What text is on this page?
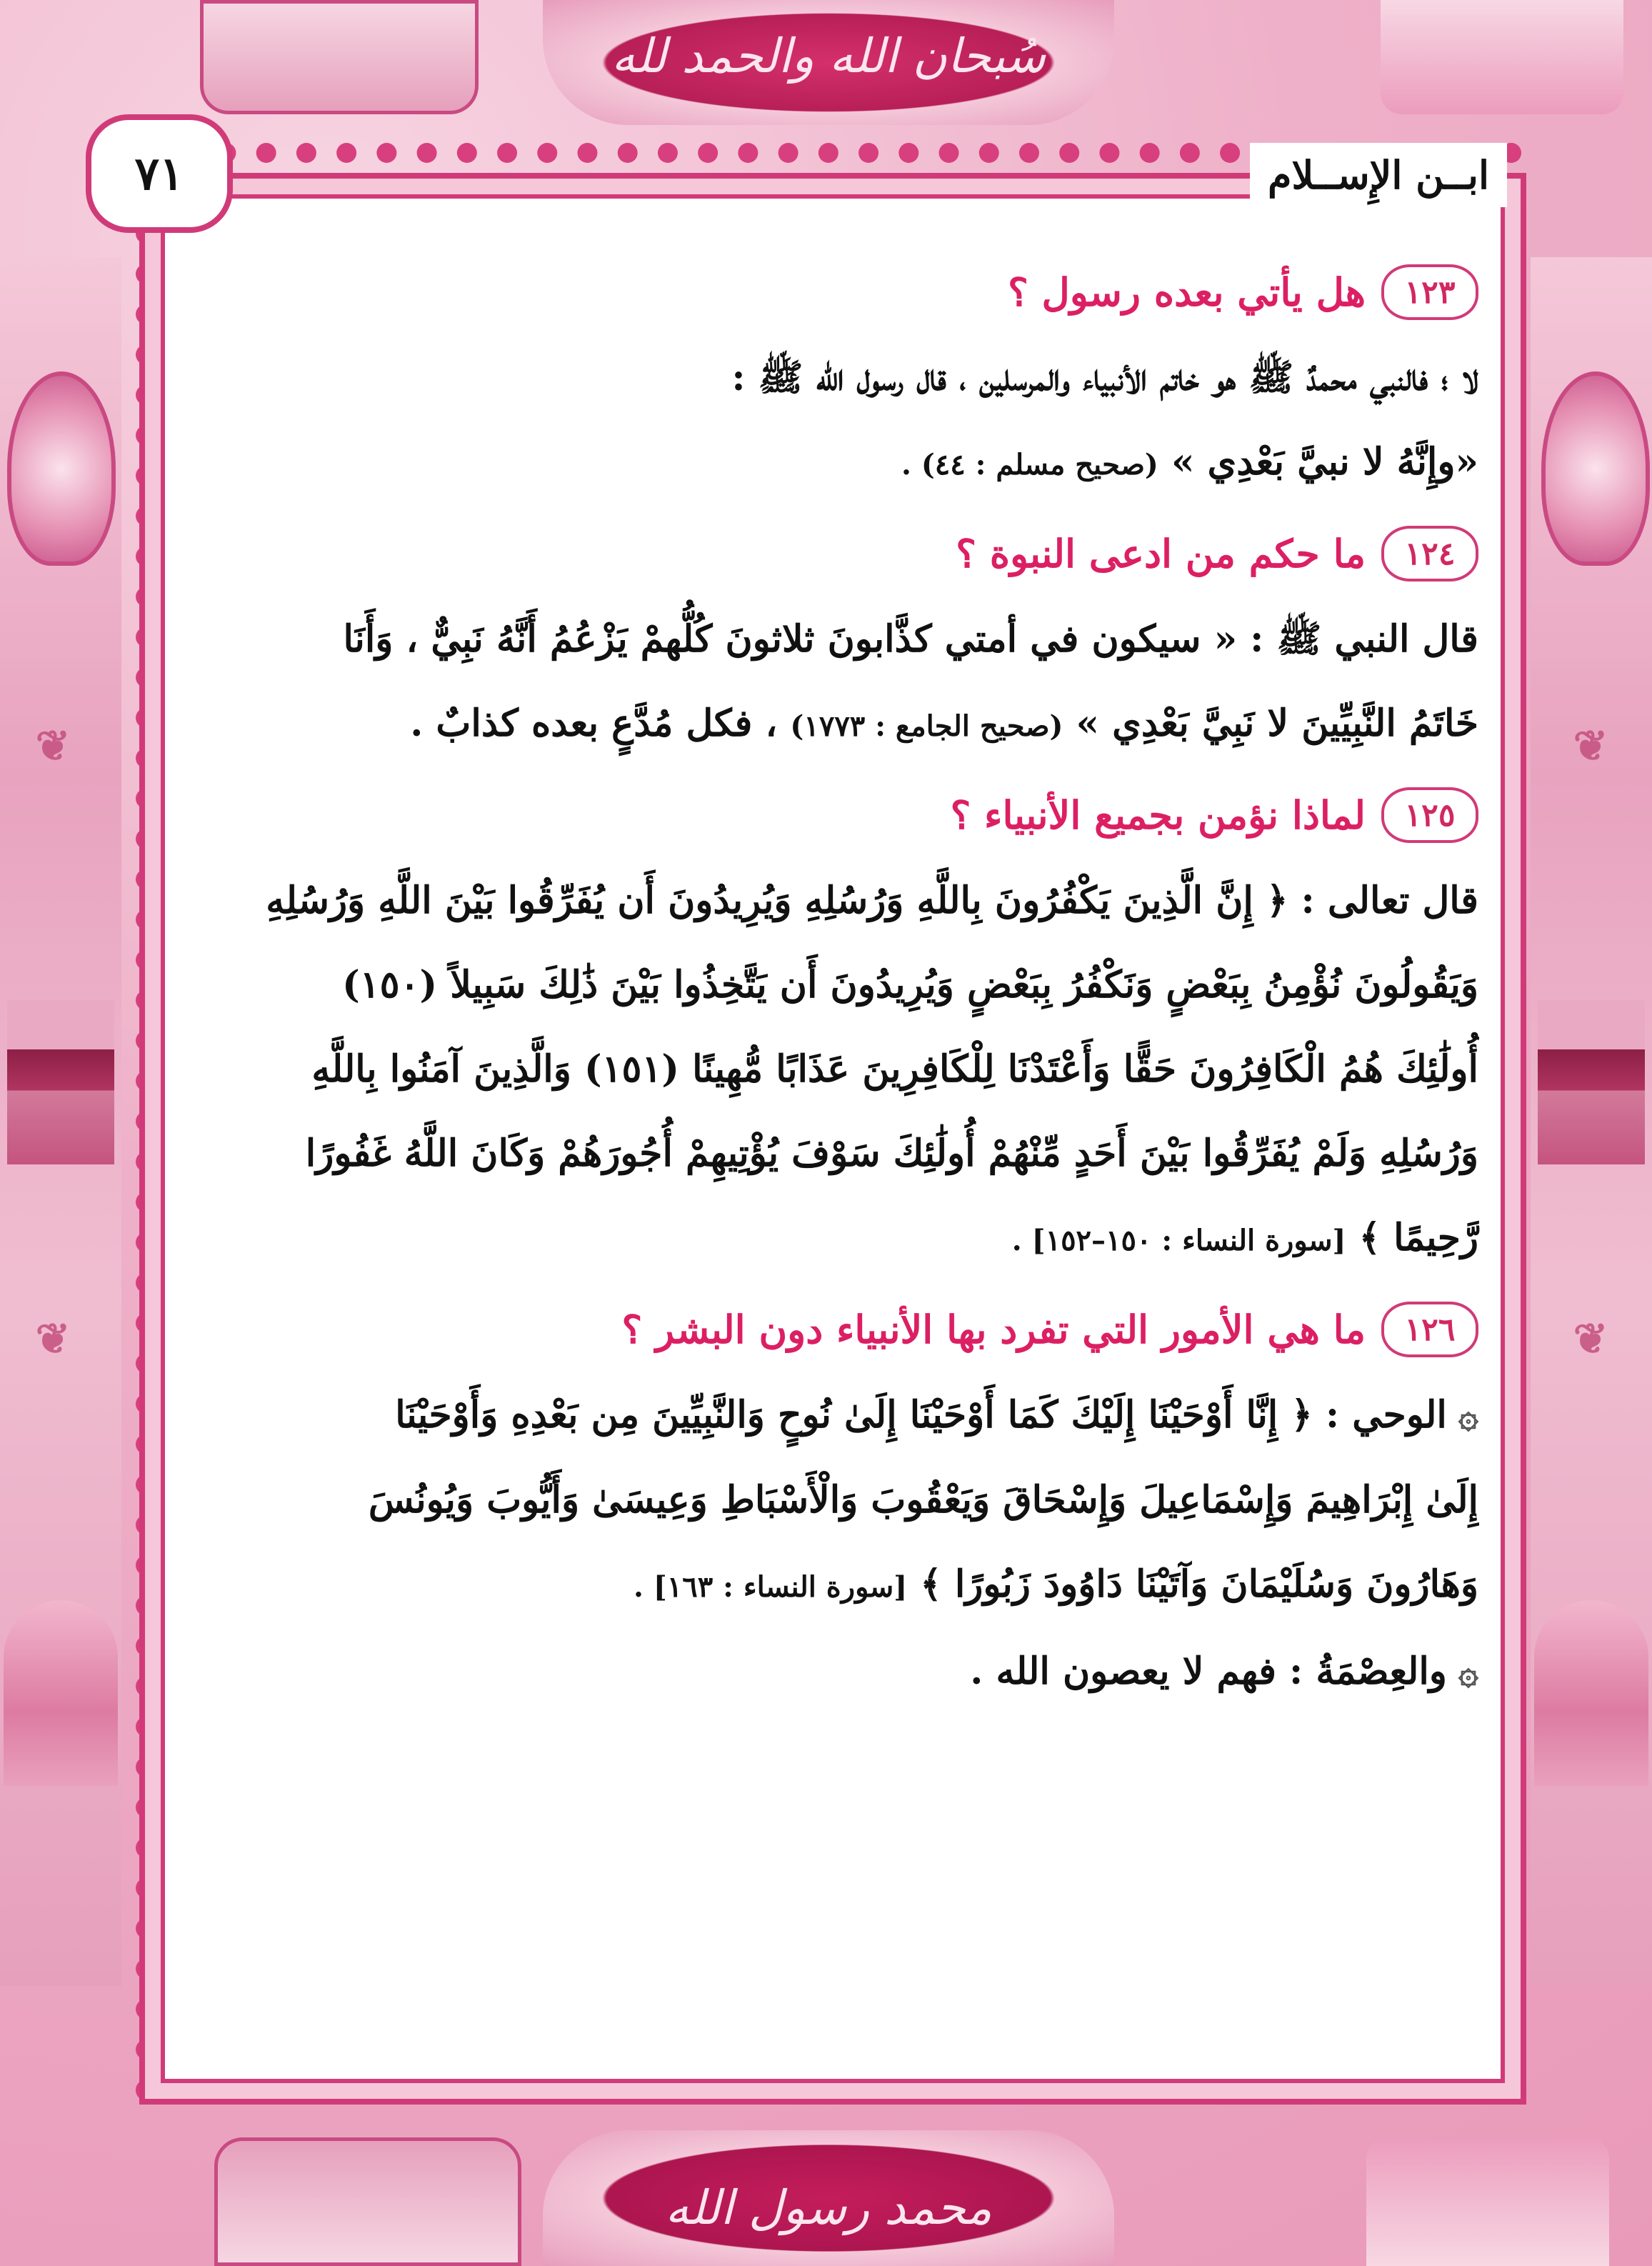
❦
❦
❦
❦
سُبحان الله والحمد لله
محمد رسول الله
٧١	ابــن الإِســلام
١٢٣
هل يأتي بعده رسول ؟

لا ؛ فالنبي محمدٌ ﷺ هو خاتم الأنبياء والمرسلين ، قال رسول الله ﷺ :
«وإِنَّهُ لا نبيَّ بَعْدِي » (صحيح مسلم : ٤٤) .

١٢٤
ما حكم من ادعى النبوة ؟

قال النبي ﷺ : « سيكون في أمتي كذَّابونَ ثلاثونَ كُلُّهمْ يَزْعُمُ أَنَّهُ نَبِيٌّ ، وَأَنَا
خَاتَمُ النَّبِيِّينَ لا نَبِيَّ بَعْدِي » (صحيح الجامع : ١٧٧٣) ، فكل مُدَّعٍ بعده كذابٌ .

١٢٥
لماذا نؤمن بجميع الأنبياء ؟

قال تعالى : ﴿ إِنَّ الَّذِينَ يَكْفُرُونَ بِاللَّهِ وَرُسُلِهِ وَيُرِيدُونَ أَن يُفَرِّقُوا بَيْنَ اللَّهِ وَرُسُلِهِ
وَيَقُولُونَ نُؤْمِنُ بِبَعْضٍ وَنَكْفُرُ بِبَعْضٍ وَيُرِيدُونَ أَن يَتَّخِذُوا بَيْنَ ذَٰلِكَ سَبِيلاً (١٥٠)
أُولَٰئِكَ هُمُ الْكَافِرُونَ حَقًّا وَأَعْتَدْنَا لِلْكَافِرِينَ عَذَابًا مُّهِينًا (١٥١) وَالَّذِينَ آمَنُوا بِاللَّهِ
وَرُسُلِهِ وَلَمْ يُفَرِّقُوا بَيْنَ أَحَدٍ مِّنْهُمْ أُولَٰئِكَ سَوْفَ يُؤْتِيهِمْ أُجُورَهُمْ وَكَانَ اللَّهُ غَفُورًا
رَّحِيمًا ﴾ [سورة النساء : ١٥٠–١٥٢] .

١٢٦
ما هي الأمور التي تفرد بها الأنبياء دون البشر ؟

۞الوحي : ﴿ إِنَّا أَوْحَيْنَا إِلَيْكَ كَمَا أَوْحَيْنَا إِلَىٰ نُوحٍ وَالنَّبِيِّينَ مِن بَعْدِهِ وَأَوْحَيْنَا
إِلَىٰ إِبْرَاهِيمَ وَإِسْمَاعِيلَ وَإِسْحَاقَ وَيَعْقُوبَ وَالْأَسْبَاطِ وَعِيسَىٰ وَأَيُّوبَ وَيُونُسَ
وَهَارُونَ وَسُلَيْمَانَ وَآتَيْنَا دَاوُودَ زَبُورًا ﴾ [سورة النساء : ١٦٣] .

۞والعِصْمَةُ : فهم لا يعصون الله .
